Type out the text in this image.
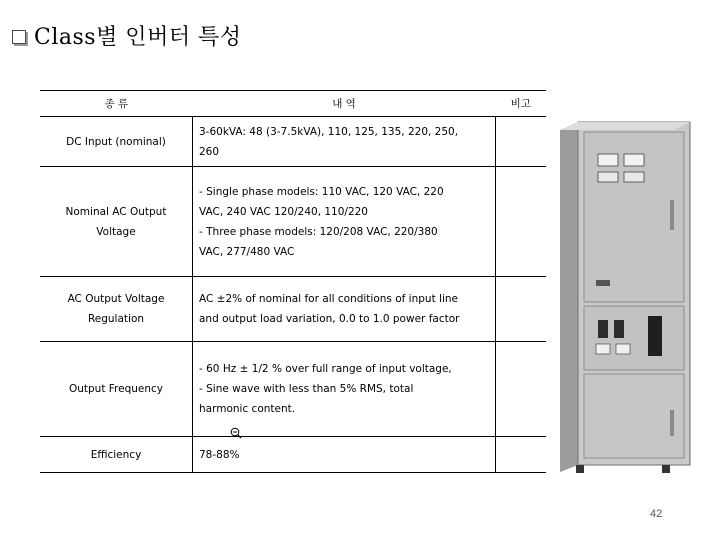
Class별 인버터 특성
종 류	내 역	비고

DC Input (nominal)	3-60kVA: 48 (3-7.5kVA), 110, 125, 135, 220, 250,
260	

Nominal AC Output
Voltage	- Single phase models: 110 VAC, 120 VAC, 220
VAC, 240 VAC 120/240, 110/220
- Three phase models: 120/208 VAC, 220/380
VAC, 277/480 VAC	

AC Output Voltage
Regulation	AC ±2% of nominal for all conditions of input line
and output load variation, 0.0 to 1.0 power factor	

Output Frequency	- 60 Hz ± 1/2 % over full range of input voltage,
- Sine wave with less than 5% RMS, total
harmonic content.	

Efficiency	78-88%	

42
